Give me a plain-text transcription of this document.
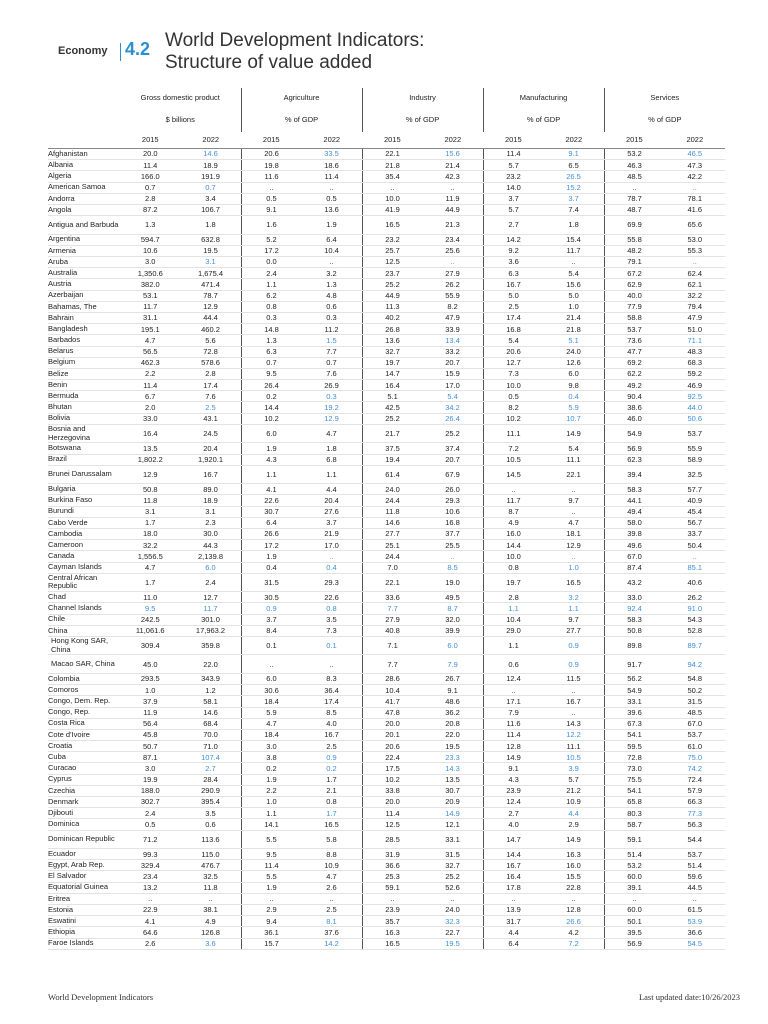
Economy 4.2 World Development Indicators:
Structure of value added
	Gross domestic product		Agriculture		Industry		Manufacturing		Services	
	$ billions		% of GDP		% of GDP		% of GDP		% of GDP	
	2015	2022	2015	2022	2015	2022	2015	2022	2015	2022
Afghanistan	20.0	14.6	20.6	33.5	22.1	15.6	11.4	9.1	53.2	46.5
Albania	11.4	18.9	19.8	18.6	21.8	21.4	5.7	6.5	46.3	47.3
Algeria	166.0	191.9	11.6	11.4	35.4	42.3	23.2	26.5	48.5	42.2
American Samoa	0.7	0.7	..	..	..	..	14.0	15.2	..	..
Andorra	2.8	3.4	0.5	0.5	10.0	11.9	3.7	3.7	78.7	78.1
Angola	87.2	106.7	9.1	13.6	41.9	44.9	5.7	7.4	48.7	41.6
Antigua and Barbuda	1.3	1.8	1.6	1.9	16.5	21.3	2.7	1.8	69.9	65.6
Argentina	594.7	632.8	5.2	6.4	23.2	23.4	14.2	15.4	55.8	53.0
Armenia	10.6	19.5	17.2	10.4	25.7	25.6	9.2	11.7	48.2	55.3
Aruba	3.0	3.1	0.0	..	12.5	..	3.6	..	79.1	..
Australia	1,350.6	1,675.4	2.4	3.2	23.7	27.9	6.3	5.4	67.2	62.4
Austria	382.0	471.4	1.1	1.3	25.2	26.2	16.7	15.6	62.9	62.1
Azerbaijan	53.1	78.7	6.2	4.8	44.9	55.9	5.0	5.0	40.0	32.2
Bahamas, The	11.7	12.9	0.8	0.6	11.3	8.2	2.5	1.0	77.9	79.4
Bahrain	31.1	44.4	0.3	0.3	40.2	47.9	17.4	21.4	58.8	47.9
Bangladesh	195.1	460.2	14.8	11.2	26.8	33.9	16.8	21.8	53.7	51.0
Barbados	4.7	5.6	1.3	1.5	13.6	13.4	5.4	5.1	73.6	71.1
Belarus	56.5	72.8	6.3	7.7	32.7	33.2	20.6	24.0	47.7	48.3
Belgium	462.3	578.6	0.7	0.7	19.7	20.7	12.7	12.6	69.2	68.3
Belize	2.2	2.8	9.5	7.6	14.7	15.9	7.3	6.0	62.2	59.2
Benin	11.4	17.4	26.4	26.9	16.4	17.0	10.0	9.8	49.2	46.9
Bermuda	6.7	7.6	0.2	0.3	5.1	5.4	0.5	0.4	90.4	92.5
Bhutan	2.0	2.5	14.4	19.2	42.5	34.2	8.2	5.9	38.6	44.0
Bolivia	33.0	43.1	10.2	12.9	25.2	26.4	10.2	10.7	46.0	50.6
Bosnia and Herzegovina	16.4	24.5	6.0	4.7	21.7	25.2	11.1	14.9	54.9	53.7
Botswana	13.5	20.4	1.9	1.8	37.5	37.4	7.2	5.4	56.9	55.9
Brazil	1,802.2	1,920.1	4.3	6.8	19.4	20.7	10.5	11.1	62.3	58.9
Brunei Darussalam	12.9	16.7	1.1	1.1	61.4	67.9	14.5	22.1	39.4	32.5
Bulgaria	50.8	89.0	4.1	4.4	24.0	26.0	..	..	58.3	57.7
Burkina Faso	11.8	18.9	22.6	20.4	24.4	29.3	11.7	9.7	44.1	40.9
Burundi	3.1	3.1	30.7	27.6	11.8	10.6	8.7	..	49.4	45.4
Cabo Verde	1.7	2.3	6.4	3.7	14.6	16.8	4.9	4.7	58.0	56.7
Cambodia	18.0	30.0	26.6	21.9	27.7	37.7	16.0	18.1	39.8	33.7
Cameroon	32.2	44.3	17.2	17.0	25.1	25.5	14.4	12.9	49.6	50.4
Canada	1,556.5	2,139.8	1.9	..	24.4	..	10.0	..	67.0	..
Cayman Islands	4.7	6.0	0.4	0.4	7.0	8.5	0.8	1.0	87.4	85.1
Central African Republic	1.7	2.4	31.5	29.3	22.1	19.0	19.7	16.5	43.2	40.6
Chad	11.0	12.7	30.5	22.6	33.6	49.5	2.8	3.2	33.0	26.2
Channel Islands	9.5	11.7	0.9	0.8	7.7	8.7	1.1	1.1	92.4	91.0
Chile	242.5	301.0	3.7	3.5	27.9	32.0	10.4	9.7	58.3	54.3
China	11,061.6	17,963.2	8.4	7.3	40.8	39.9	29.0	27.7	50.8	52.8
Hong Kong SAR, China	309.4	359.8	0.1	0.1	7.1	6.0	1.1	0.9	89.8	89.7
Macao SAR, China	45.0	22.0	..	..	7.7	7.9	0.6	0.9	91.7	94.2
Colombia	293.5	343.9	6.0	8.3	28.6	26.7	12.4	11.5	56.2	54.8
Comoros	1.0	1.2	30.6	36.4	10.4	9.1	..	..	54.9	50.2
Congo, Dem. Rep.	37.9	58.1	18.4	17.4	41.7	48.6	17.1	16.7	33.1	31.5
Congo, Rep.	11.9	14.6	5.9	8.5	47.8	36.2	7.9	..	39.6	48.5
Costa Rica	56.4	68.4	4.7	4.0	20.0	20.8	11.6	14.3	67.3	67.0
Cote d'Ivoire	45.8	70.0	18.4	16.7	20.1	22.0	11.4	12.2	54.1	53.7
Croatia	50.7	71.0	3.0	2.5	20.6	19.5	12.8	11.1	59.5	61.0
Cuba	87.1	107.4	3.8	0.9	22.4	23.3	14.9	10.5	72.8	75.0
Curacao	3.0	2.7	0.2	0.2	17.5	14.3	9.1	3.9	73.0	74.2
Cyprus	19.9	28.4	1.9	1.7	10.2	13.5	4.3	5.7	75.5	72.4
Czechia	188.0	290.9	2.2	2.1	33.8	30.7	23.9	21.2	54.1	57.9
Denmark	302.7	395.4	1.0	0.8	20.0	20.9	12.4	10.9	65.8	66.3
Djibouti	2.4	3.5	1.1	1.7	11.4	14.9	2.7	4.4	80.3	77.3
Dominica	0.5	0.6	14.1	16.5	12.5	12.1	4.0	2.9	58.7	56.3
Dominican Republic	71.2	113.6	5.5	5.8	28.5	33.1	14.7	14.9	59.1	54.4
Ecuador	99.3	115.0	9.5	8.8	31.9	31.5	14.4	16.3	51.4	53.7
Egypt, Arab Rep.	329.4	476.7	11.4	10.9	36.6	32.7	16.7	16.0	53.2	51.4
El Salvador	23.4	32.5	5.5	4.7	25.3	25.2	16.4	15.5	60.0	59.6
Equatorial Guinea	13.2	11.8	1.9	2.6	59.1	52.6	17.8	22.8	39.1	44.5
Eritrea	..	..	..	..	..	..	..	..	..	..
Estonia	22.9	38.1	2.9	2.5	23.9	24.0	13.9	12.8	60.0	61.5
Eswatini	4.1	4.9	9.4	8.1	35.7	32.3	31.7	26.6	50.1	53.9
Ethiopia	64.6	126.8	36.1	37.6	16.3	22.7	4.4	4.2	39.5	36.6
Faroe Islands	2.6	3.6	15.7	14.2	16.5	19.5	6.4	7.2	56.9	54.5
World Development Indicators	Last updated date:10/26/2023
